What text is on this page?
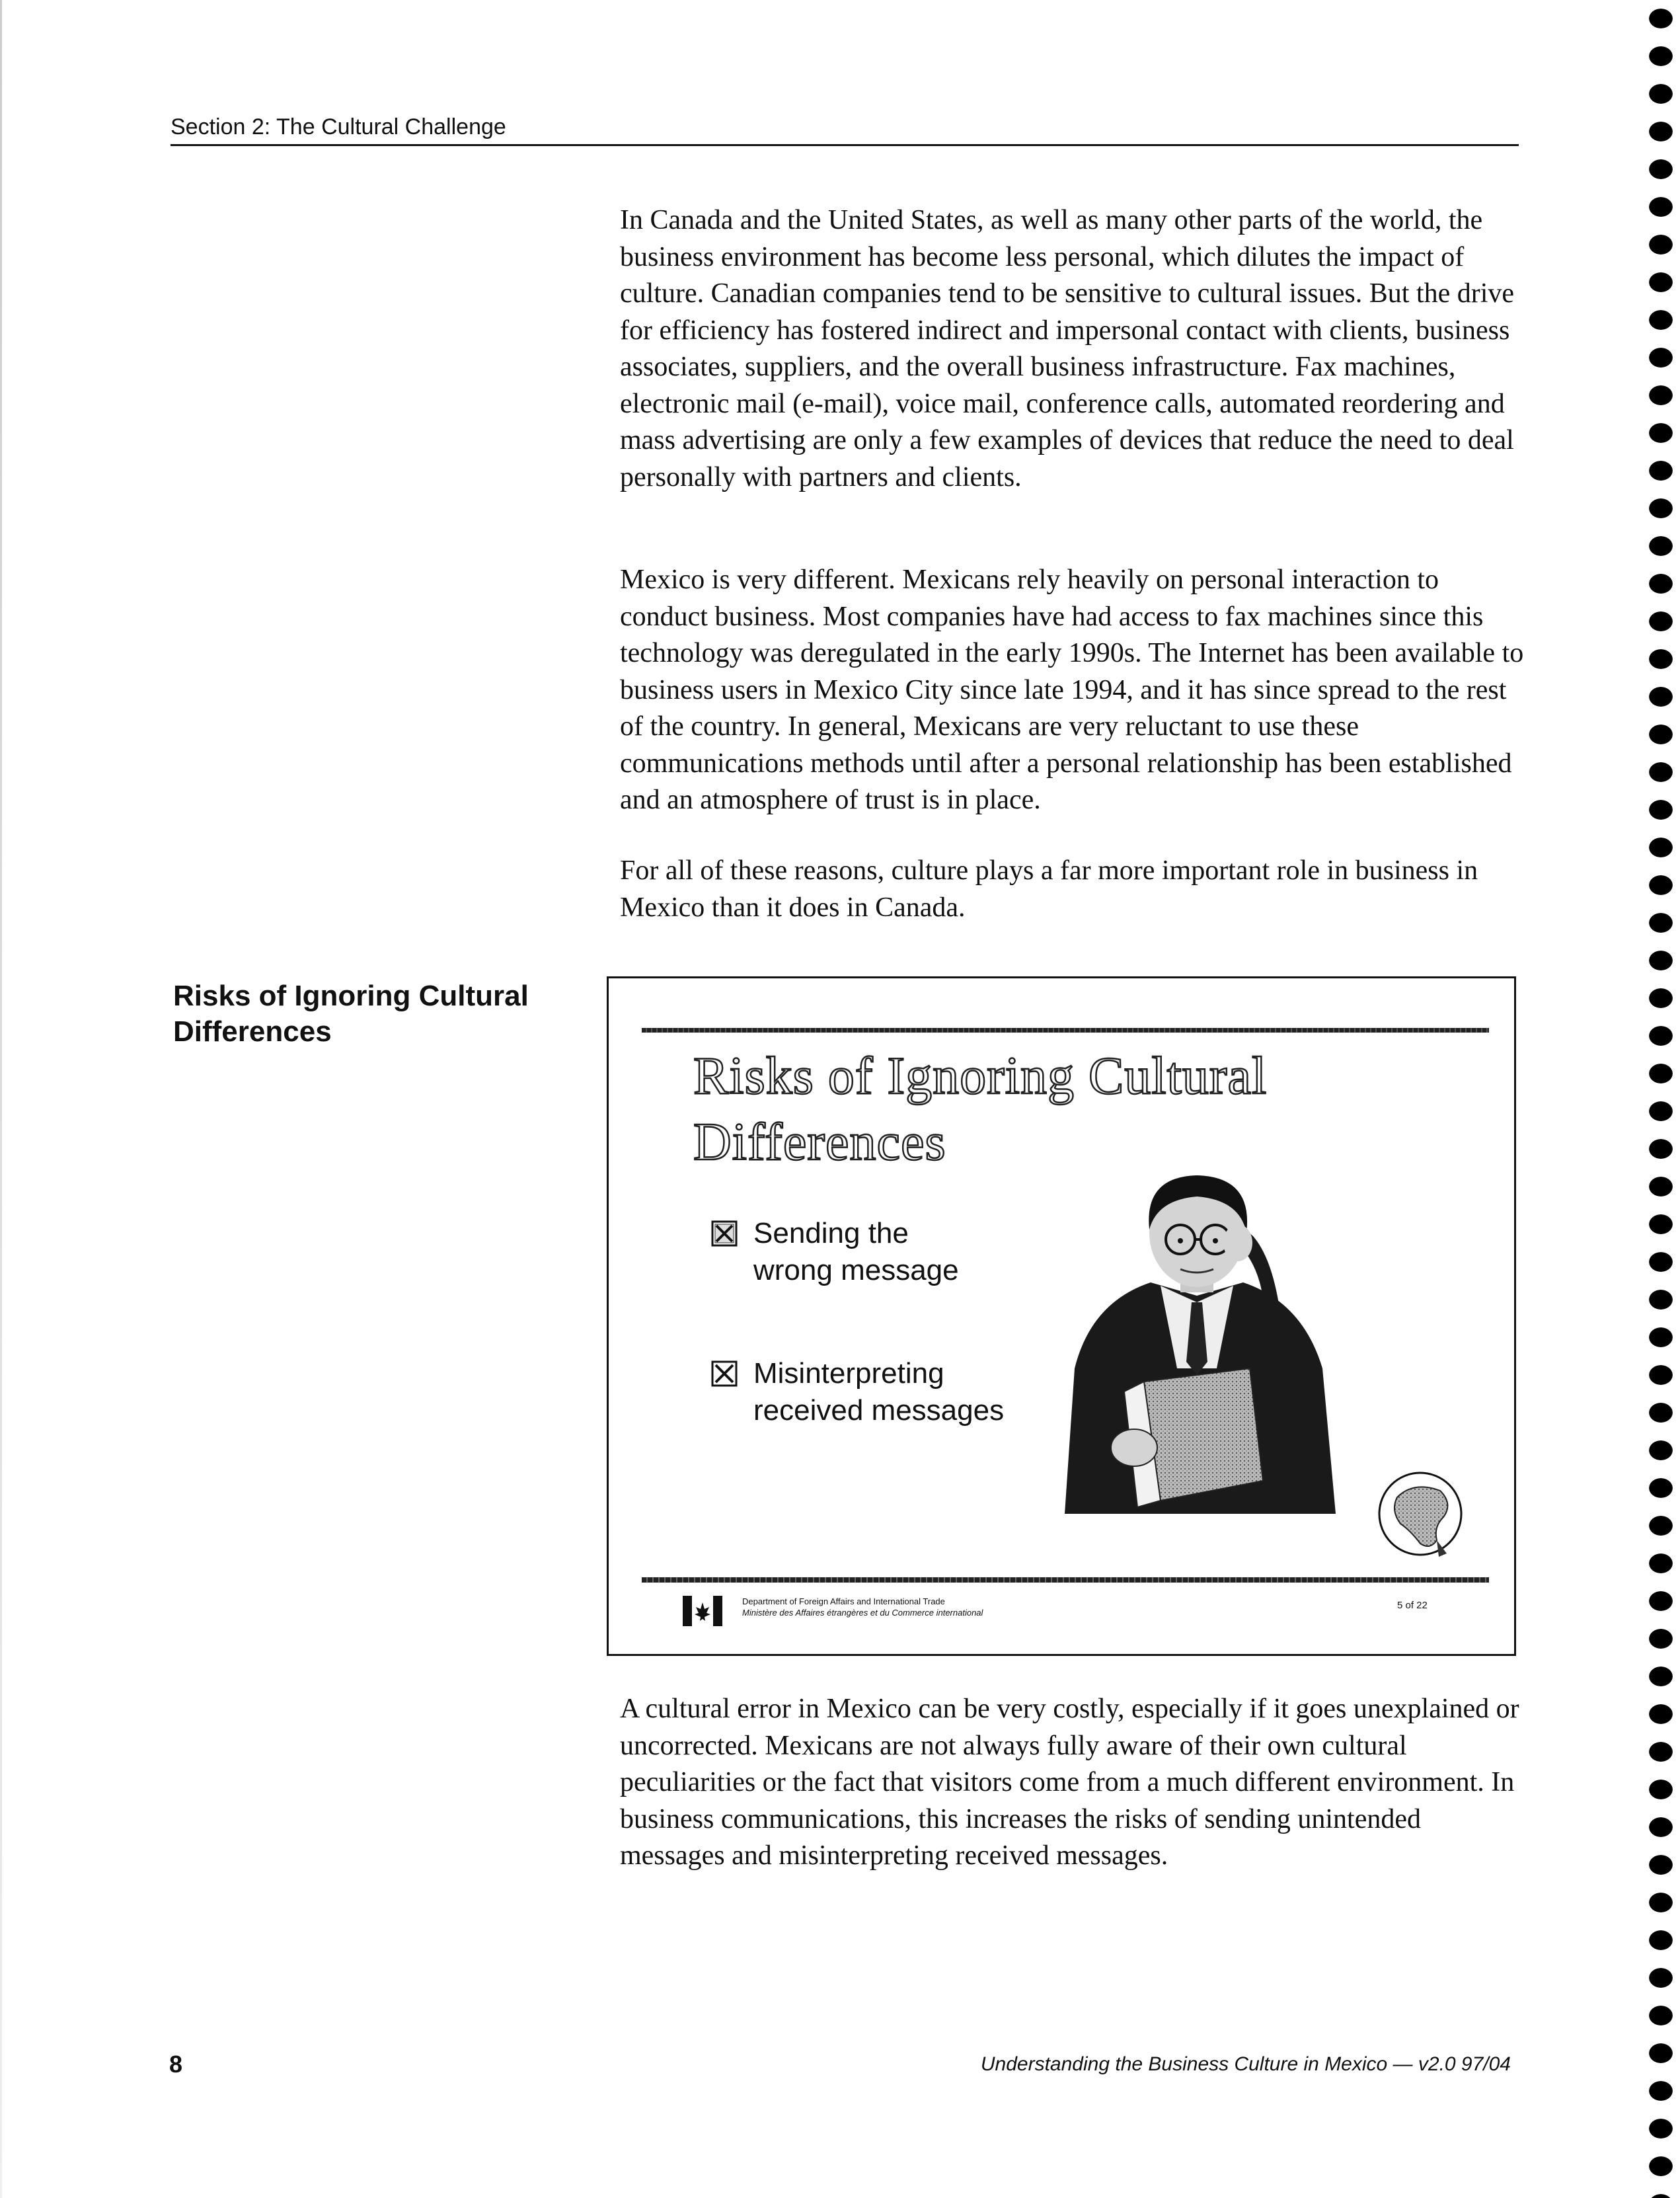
Section 2: The Cultural Challenge

In Canada and the United States, as well as many other parts of the world, the business environment has become less personal, which dilutes the impact of culture. Canadian companies tend to be sensitive to cultural issues. But the drive for efficiency has fostered indirect and impersonal contact with clients, business associates, suppliers, and the overall business infrastructure. Fax machines, electronic mail (e-mail), voice mail, conference calls, automated reordering and mass advertising are only a few examples of devices that reduce the need to deal personally with partners and clients.

Mexico is very different. Mexicans rely heavily on personal interaction to conduct business. Most companies have had access to fax machines since this technology was deregulated in the early 1990s. The Internet has been available to business users in Mexico City since late 1994, and it has since spread to the rest of the country. In general, Mexicans are very reluctant to use these communications methods until after a personal relationship has been established and an atmosphere of trust is in place.

For all of these reasons, culture plays a far more important role in business in Mexico than it does in Canada.

Risks of Ignoring Cultural Differences
Risks of Ignoring Cultural Differences
Sending the
wrong message
Misinterpreting
received messages
Department of Foreign Affairs and International Trade
Ministère des Affaires étrangères et du Commerce international
5 of 22

A cultural error in Mexico can be very costly, especially if it goes unexplained or uncorrected. Mexicans are not always fully aware of their own cultural peculiarities or the fact that visitors come from a much different environment. In business communications, this increases the risks of sending unintended messages and misinterpreting received messages.

8	Understanding the Business Culture in Mexico — v2.0 97/04
